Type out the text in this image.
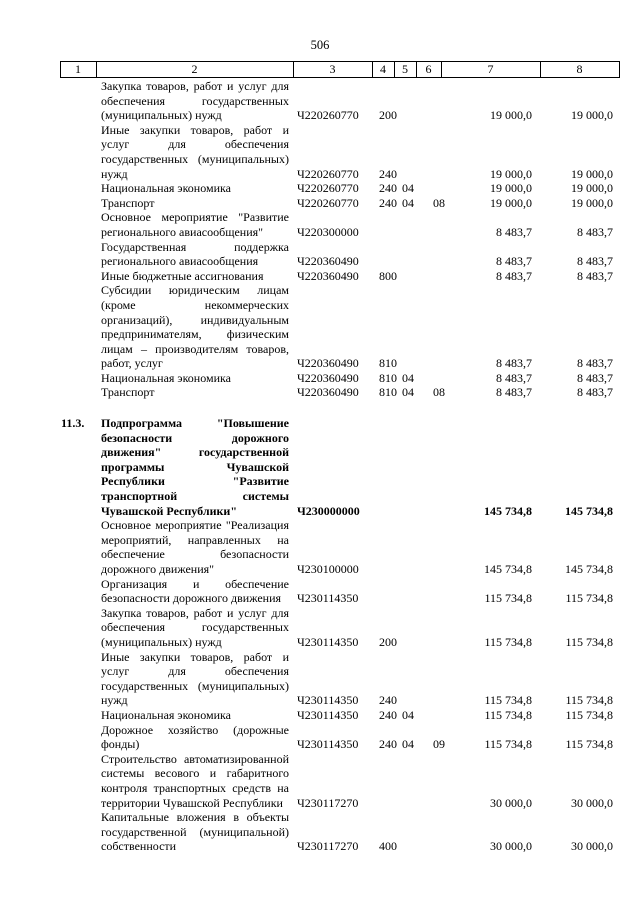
506
1	2	3	4	5	6	7	8
Закупка товаров, работ и услуг для обеспечения государственных (муниципальных) нужд	Ч220260770 200	19 000,0	19 000,0
Иные закупки товаров, работ и услуг для обеспечения государственных (муниципальных) нужд	Ч220260770 240	19 000,0	19 000,0
Национальная экономика	Ч220260770 240 04	19 000,0	19 000,0
Транспорт	Ч220260770 240 04 08	19 000,0	19 000,0
Основное мероприятие "Развитие регионального авиасообщения"	Ч220300000	8 483,7	8 483,7
Государственная поддержка регионального авиасообщения	Ч220360490	8 483,7	8 483,7
Иные бюджетные ассигнования	Ч220360490 800	8 483,7	8 483,7
Субсидии юридическим лицам (кроме некоммерческих организаций), индивидуальным предпринимателям, физическим лицам – производителям товаров, работ, услуг	Ч220360490 810	8 483,7	8 483,7
Национальная экономика	Ч220360490 810 04	8 483,7	8 483,7
Транспорт	Ч220360490 810 04 08	8 483,7	8 483,7
11.3.	Подпрограмма "Повышение безопасности дорожного движения" государственной программы Чувашской Республики "Развитие транспортной системы Чувашской Республики"	Ч230000000	145 734,8	145 734,8
Основное мероприятие "Реализация мероприятий, направленных на обеспечение безопасности дорожного движения"	Ч230100000	145 734,8	145 734,8
Организация и обеспечение безопасности дорожного движения	Ч230114350	115 734,8	115 734,8
Закупка товаров, работ и услуг для обеспечения государственных (муниципальных) нужд	Ч230114350 200	115 734,8	115 734,8
Иные закупки товаров, работ и услуг для обеспечения государственных (муниципальных) нужд	Ч230114350 240	115 734,8	115 734,8
Национальная экономика	Ч230114350 240 04	115 734,8	115 734,8
Дорожное хозяйство (дорожные фонды)	Ч230114350 240 04 09	115 734,8	115 734,8
Строительство автоматизированной системы весового и габаритного контроля транспортных средств на территории Чувашской Республики	Ч230117270	30 000,0	30 000,0
Капитальные вложения в объекты государственной (муниципальной) собственности	Ч230117270 400	30 000,0	30 000,0
